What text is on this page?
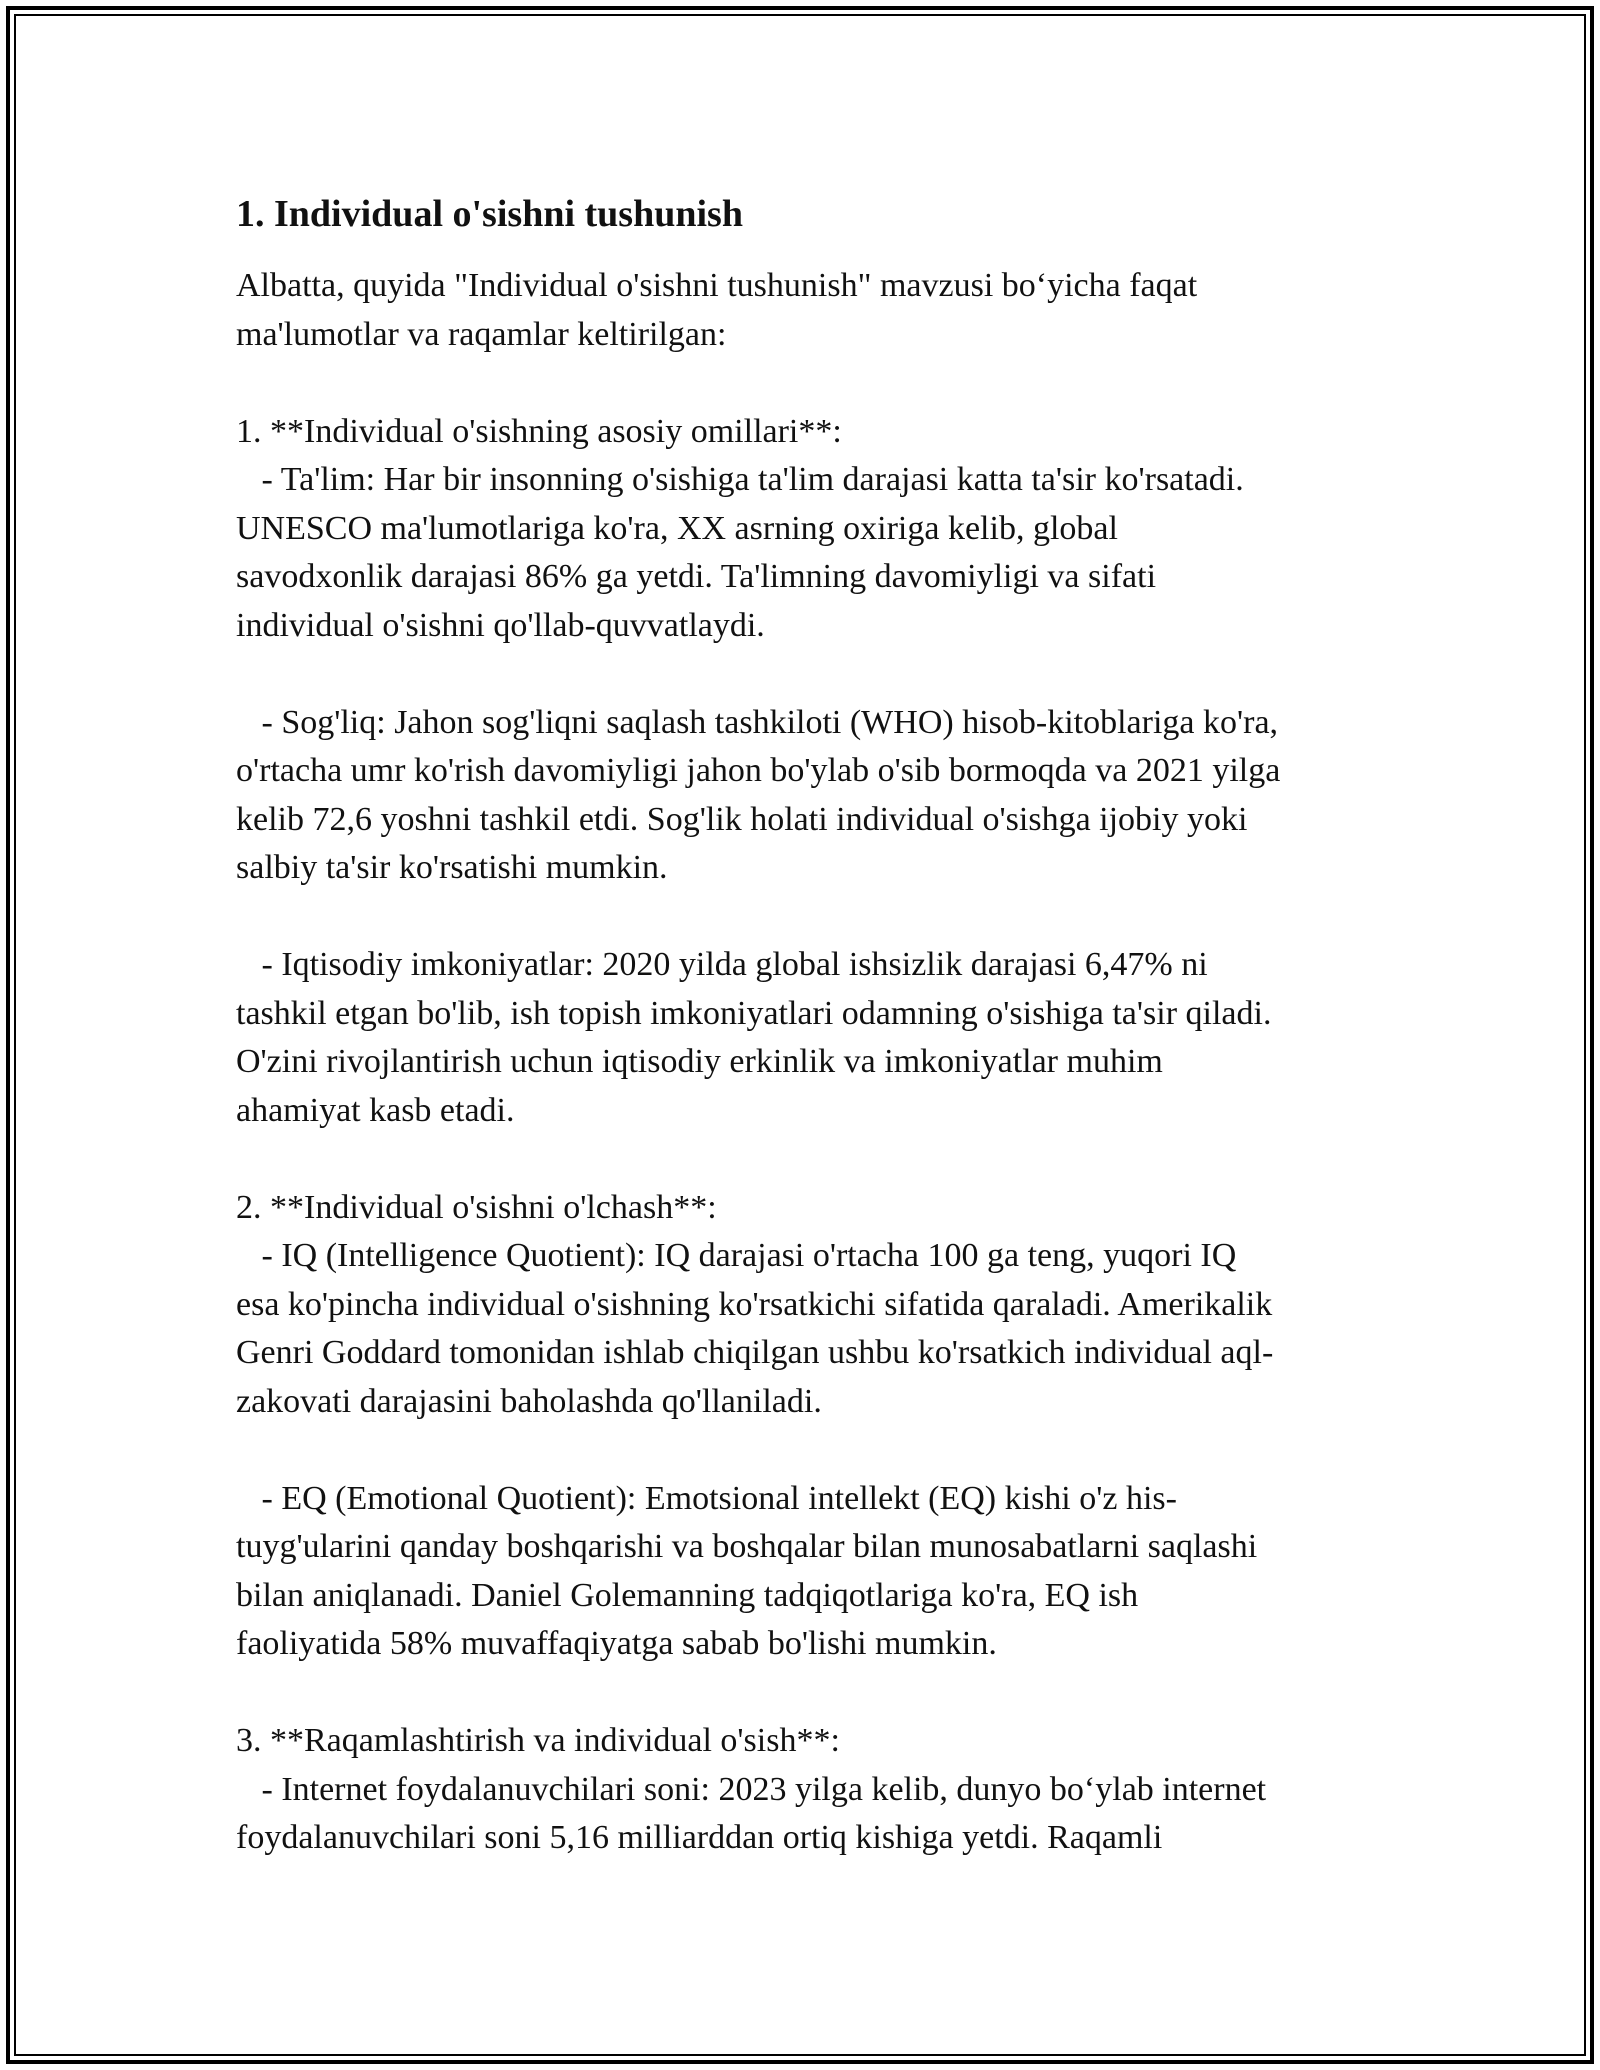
1. Individual o'sishni tushunish
Albatta, quyida "Individual o'sishni tushunish" mavzusi bo‘yicha faqat
ma'lumotlar va raqamlar keltirilgan:
1. **Individual o'sishning asosiy omillari**:
- Ta'lim: Har bir insonning o'sishiga ta'lim darajasi katta ta'sir ko'rsatadi.
UNESCO ma'lumotlariga ko'ra, XX asrning oxiriga kelib, global
savodxonlik darajasi 86% ga yetdi. Ta'limning davomiyligi va sifati
individual o'sishni qo'llab-quvvatlaydi.
- Sog'liq: Jahon sog'liqni saqlash tashkiloti (WHO) hisob-kitoblariga ko'ra,
o'rtacha umr ko'rish davomiyligi jahon bo'ylab o'sib bormoqda va 2021 yilga
kelib 72,6 yoshni tashkil etdi. Sog'lik holati individual o'sishga ijobiy yoki
salbiy ta'sir ko'rsatishi mumkin.
- Iqtisodiy imkoniyatlar: 2020 yilda global ishsizlik darajasi 6,47% ni
tashkil etgan bo'lib, ish topish imkoniyatlari odamning o'sishiga ta'sir qiladi.
O'zini rivojlantirish uchun iqtisodiy erkinlik va imkoniyatlar muhim
ahamiyat kasb etadi.
2. **Individual o'sishni o'lchash**:
- IQ (Intelligence Quotient): IQ darajasi o'rtacha 100 ga teng, yuqori IQ
esa ko'pincha individual o'sishning ko'rsatkichi sifatida qaraladi. Amerikalik
Genri Goddard tomonidan ishlab chiqilgan ushbu ko'rsatkich individual aql-
zakovati darajasini baholashda qo'llaniladi.
- EQ (Emotional Quotient): Emotsional intellekt (EQ) kishi o'z his-
tuyg'ularini qanday boshqarishi va boshqalar bilan munosabatlarni saqlashi
bilan aniqlanadi. Daniel Golemanning tadqiqotlariga ko'ra, EQ ish
faoliyatida 58% muvaffaqiyatga sabab bo'lishi mumkin.
3. **Raqamlashtirish va individual o'sish**:
- Internet foydalanuvchilari soni: 2023 yilga kelib, dunyo bo‘ylab internet
foydalanuvchilari soni 5,16 milliarddan ortiq kishiga yetdi. Raqamli
